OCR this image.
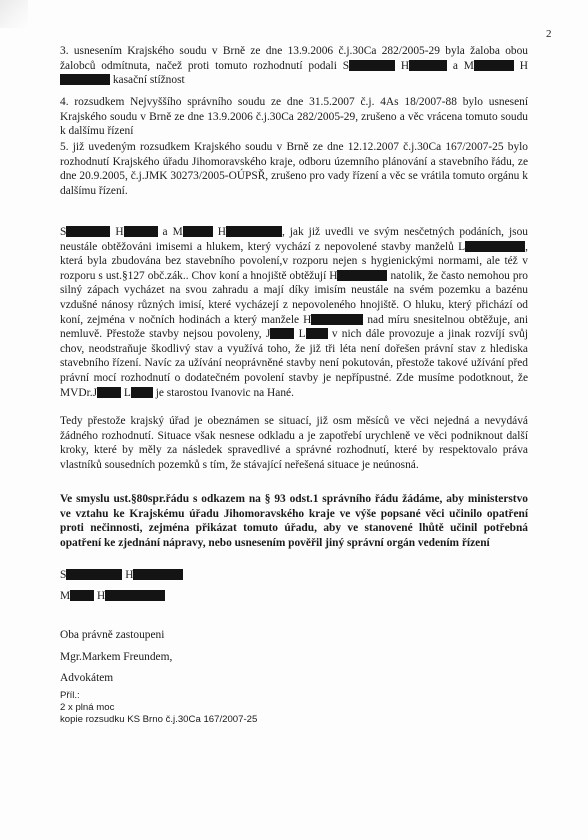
2

3. usnesením Krajského soudu v Brně ze dne 13.9.2006 č.j.30Ca 282/2005-29 byla žaloba obou žalobců odmítnuta, načež proti tomuto rozhodnutí podali S	H	a M	H kasační stížnost

4. rozsudkem Nejvyššího správního soudu ze dne 31.5.2007 č.j. 4As 18/2007-88 bylo usnesení Krajského soudu v Brně ze dne 13.9.2006 č.j.30Ca 282/2005-29, zrušeno a věc vrácena tomuto soudu k dalšímu řízení

5. již uvedeným rozsudkem Krajského soudu v Brně ze dne 12.12.2007 č.j.30Ca 167/2007-25 bylo rozhodnutí Krajského úřadu Jihomoravského kraje, odboru územního plánování a stavebního řádu, ze dne 20.9.2005, č.j.JMK 30273/2005-OÚPSŘ, zrušeno pro vady řízení a věc se vrátila tomuto orgánu k dalšímu řízení.

S	H	a M	H	, jak již uvedli ve svým nesčetných podáních, jsou neustále obtěžováni imisemi a hlukem, který vychází z nepovolené stavby manželů L	, která byla zbudována bez stavebního povolení,v rozporu nejen s hygienickými normami, ale též v rozporu s ust.§127 obč.zák.. Chov koní a hnojiště obtěžují H	natolik, že často nemohou pro silný zápach vycházet na svou zahradu a mají díky imisím neustále na svém pozemku a bazénu vzdušné nánosy různých imisí, které vycházejí z nepovoleného hnojiště. O hluku, který přichází od koní, zejména v nočních hodinách a který manžele H	nad míru snesitelnou obtěžuje, ani nemluvě. Přestože stavby nejsou povoleny, J L v nich dále provozuje a jinak rozvíjí svůj chov, neodstraňuje škodlivý stav a využívá toho, že již tři léta není dořešen právní stav z hlediska stavebního řízení. Navíc za užívání neoprávněné stavby není pokutován, přestože takové užívání před právní mocí rozhodnutí o dodatečném povolení stavby je nepřípustné. Zde musíme podotknout, že MVDr.J L je starostou Ivanovic na Hané.

Tedy přestože krajský úřad je obeznámen se situací, již osm měsíců ve věci nejedná a nevydává žádného rozhodnutí. Situace však nesnese odkladu a je zapotřebí urychleně ve věci podniknout další kroky, které by měly za následek spravedlivé a správné rozhodnutí, které by respektovalo práva vlastníků sousedních pozemků s tím, že stávající neřešená situace je neúnosná.

Ve smyslu ust.§80spr.řádu s odkazem na § 93 odst.1 správního řádu žádáme, aby ministerstvo ve vztahu ke Krajskému úřadu Jihomoravského kraje ve výše popsané věci učinilo opatření proti nečinnosti, zejména přikázat tomuto úřadu, aby ve stanovené lhůtě učinil potřebná opatření ke zjednání nápravy, nebo usnesením pověřil jiný správní orgán vedením řízení

S	H
M H
Oba právně zastoupeni
Mgr.Markem Freundem,
Advokátem
Příl.:
2 x plná moc
kopie rozsudku KS Brno č.j.30Ca 167/2007-25
